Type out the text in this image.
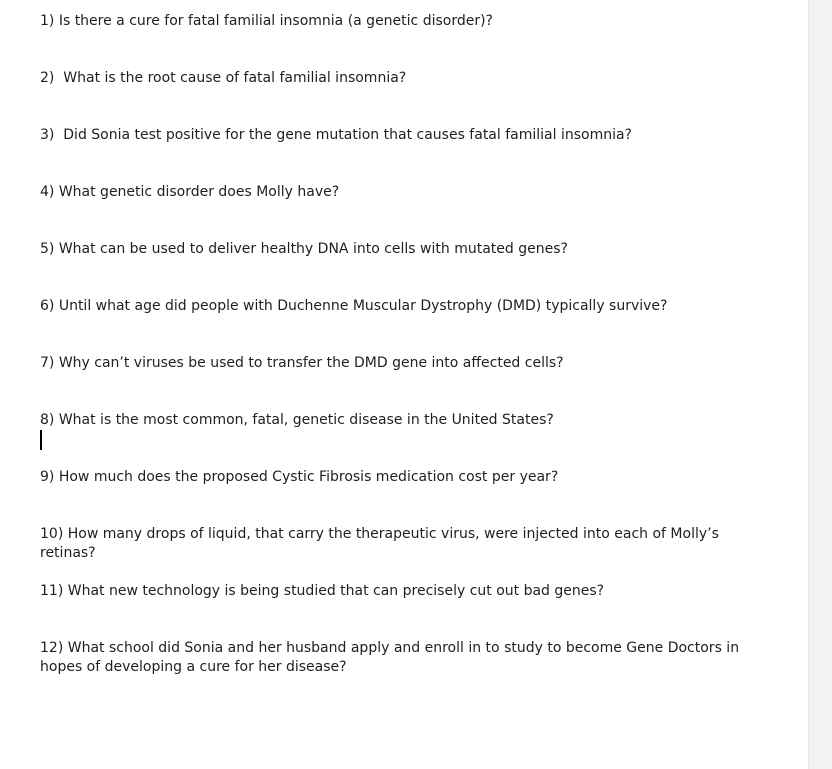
1) Is there a cure for fatal familial insomnia (a genetic disorder)?

2)  What is the root cause of fatal familial insomnia?

3)  Did Sonia test positive for the gene mutation that causes fatal familial insomnia?

4) What genetic disorder does Molly have?

5) What can be used to deliver healthy DNA into cells with mutated genes?

6) Until what age did people with Duchenne Muscular Dystrophy (DMD) typically survive?

7) Why can’t viruses be used to transfer the DMD gene into affected cells?

8) What is the most common, fatal, genetic disease in the United States?

9) How much does the proposed Cystic Fibrosis medication cost per year?

10) How many drops of liquid, that carry the therapeutic virus, were injected into each of Molly’s retinas?

11) What new technology is being studied that can precisely cut out bad genes?

12) What school did Sonia and her husband apply and enroll in to study to become Gene Doctors in hopes of developing a cure for her disease?
